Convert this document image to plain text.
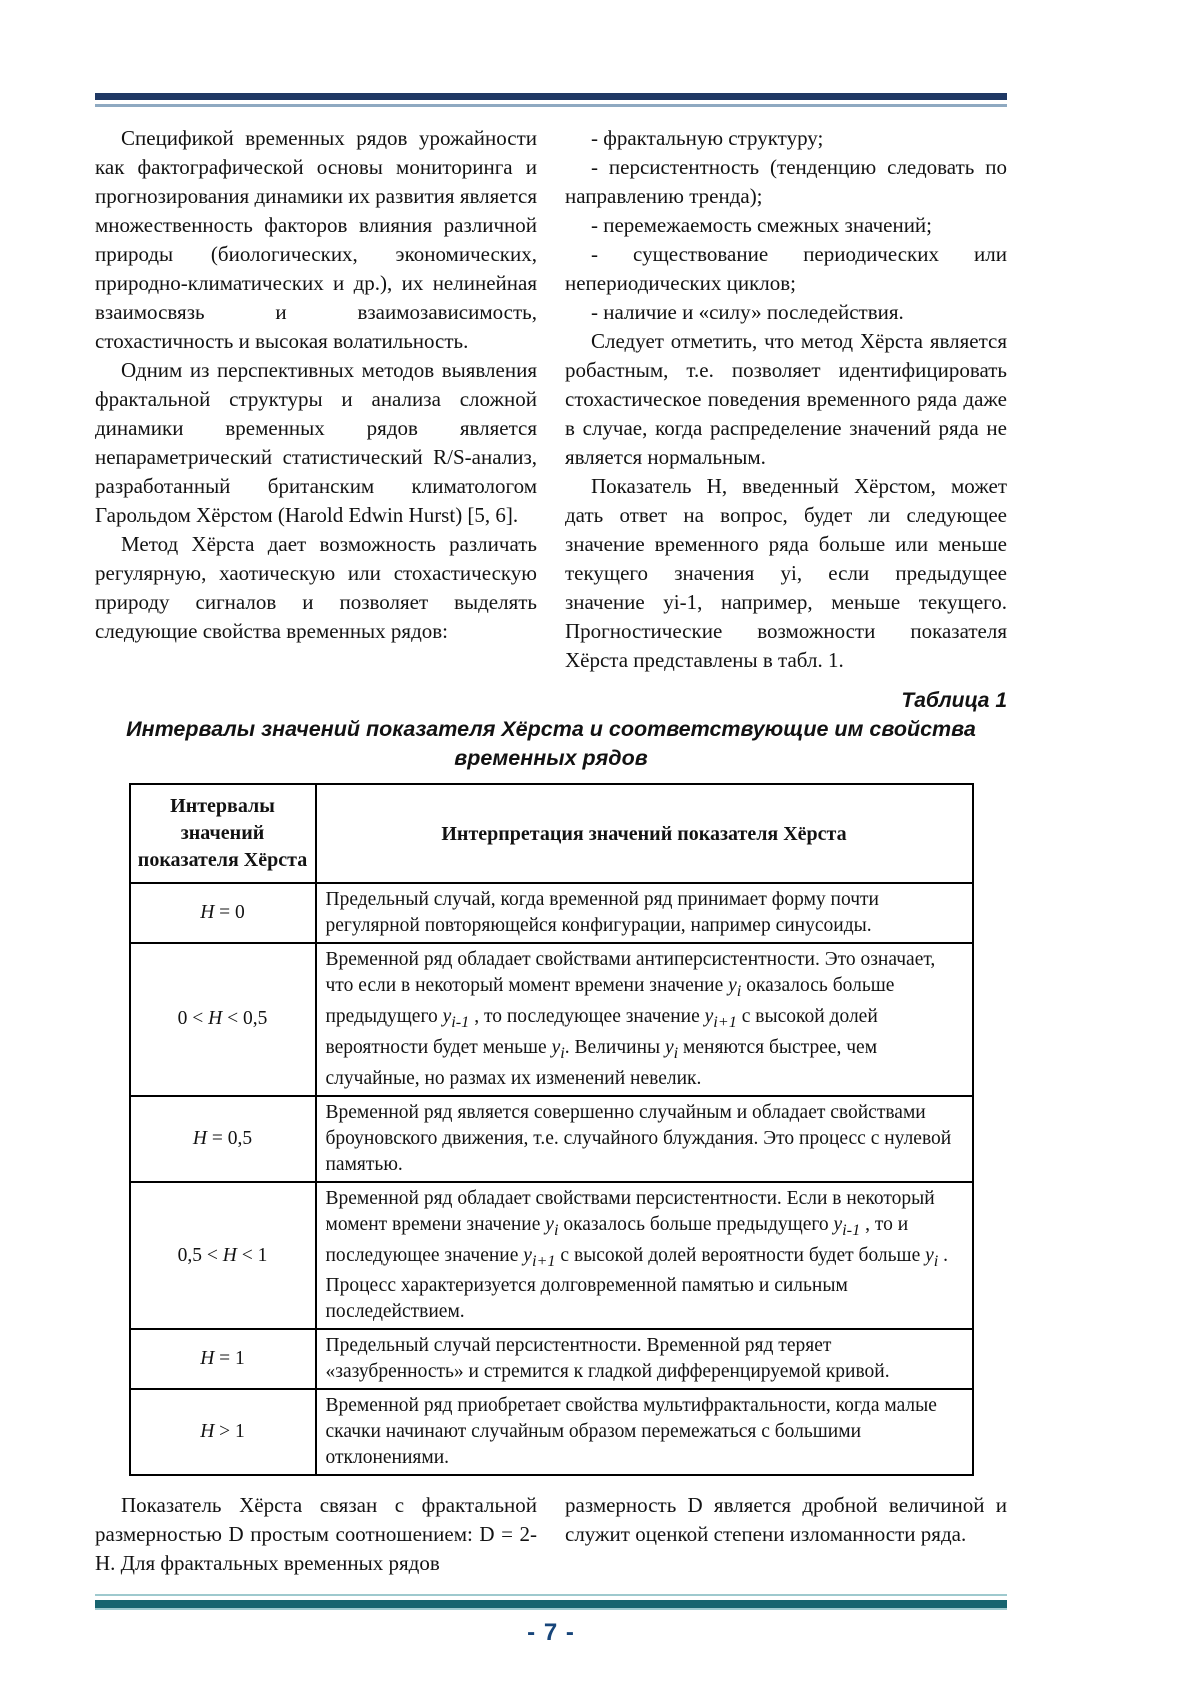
Спецификой временных рядов урожайности как фактографической основы мониторинга и прогнозирования динамики их развития является множественность факторов влияния различной природы (биологических, экономических, природно-климатических и др.), их нелинейная взаимосвязь и взаимозависимость, стохастичность и высокая волатильность.

Одним из перспективных методов выявления фрактальной структуры и анализа сложной динамики временных рядов является непараметрический статистический R/S-анализ, разработанный британским климатологом Гарольдом Хёрстом (Harold Edwin Hurst) [5, 6].

Метод Хёрста дает возможность различать регулярную, хаотическую или стохастическую природу сигналов и позволяет выделять следующие свойства временных рядов:

- фрактальную структуру;

- персистентность (тенденцию следовать по направлению тренда);

- перемежаемость смежных значений;

- существование периодических или непериодических циклов;

- наличие и «силу» последействия.

Следует отметить, что метод Хёрста является робастным, т.е. позволяет идентифицировать стохастическое поведения временного ряда даже в случае, когда распределение значений ряда не является нормальным.

Показатель H, введенный Хёрстом, может дать ответ на вопрос, будет ли следующее значение временного ряда больше или меньше текущего значения yi, если предыдущее значение yi-1, например, меньше текущего. Прогностические возможности показателя Хёрста представлены в табл. 1.

Таблица 1
Интервалы значений показателя Хёрста и соответствующие им свойства временных рядов
Интервалы значений показателя Хёрста	Интерпретация значений показателя Хёрста
H = 0	Предельный случай, когда временной ряд принимает форму почти регулярной повторяющейся конфигурации, например синусоиды.
0 < H < 0,5	Временной ряд обладает свойствами антиперсистентности. Это означает, что если в некоторый момент времени значение $y_i$ оказалось больше предыдущего $y_{i-1}$ , то последующее значение $y_{i+1}$ с высокой долей вероятности будет меньше $y_i$. Величины $y_i$ меняются быстрее, чем случайные, но размах их изменений невелик.
H = 0,5	Временной ряд является совершенно случайным и обладает свойствами броуновского движения, т.е. случайного блуждания. Это процесс с нулевой памятью.
0,5 < H < 1	Временной ряд обладает свойствами персистентности. Если в некоторый момент времени значение $y_i$ оказалось больше предыдущего $y_{i-1}$ , то и последующее значение $y_{i+1}$ с высокой долей вероятности будет больше $y_i$ . Процесс характеризуется долговременной памятью и сильным последействием.
H = 1	Предельный случай персистентности. Временной ряд теряет «зазубренность» и стремится к гладкой дифференцируемой кривой.
H > 1	Временной ряд приобретает свойства мультифрактальности, когда малые скачки начинают случайным образом перемежаться с большими отклонениями.

Показатель Хёрста связан с фрактальной размерностью D простым соотношением: D = 2-H. Для фрактальных временных рядов

размерность D является дробной величиной и служит оценкой степени изломанности ряда.

- 7 -
